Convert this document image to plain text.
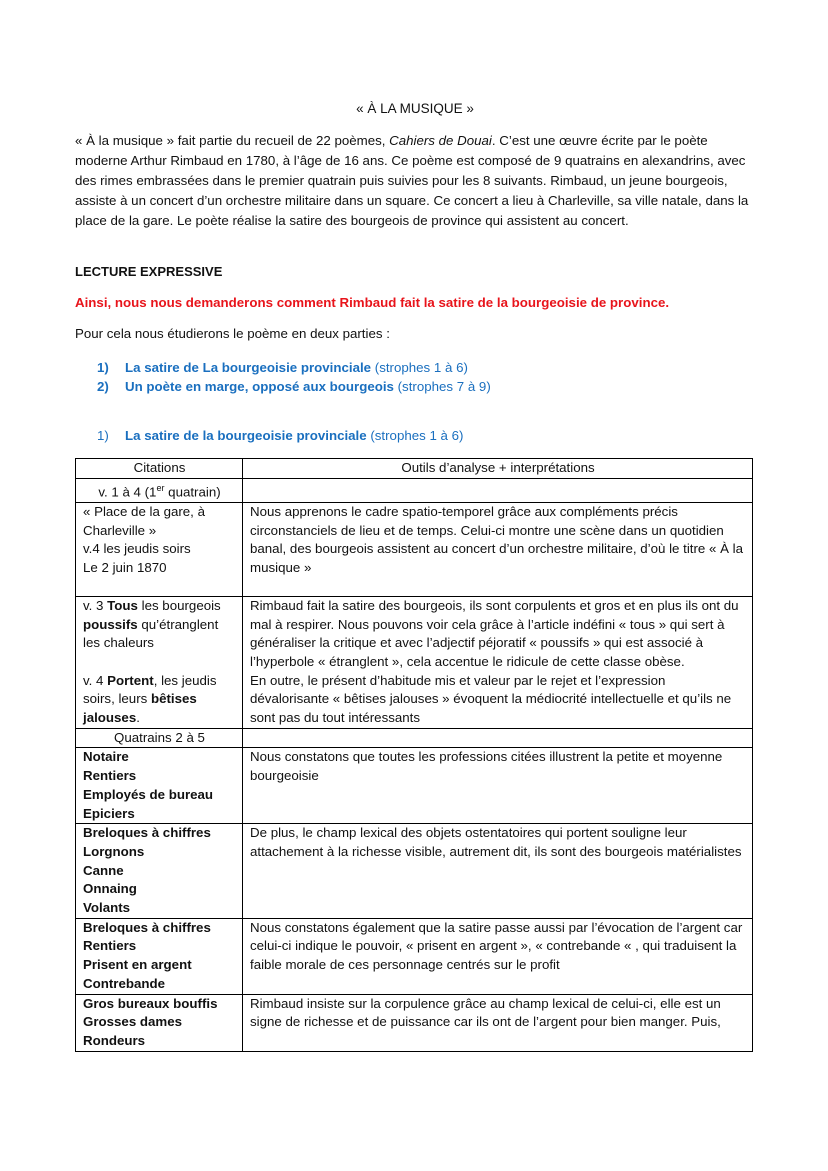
« À LA MUSIQUE »

« À la musique » fait partie du recueil de 22 poèmes, Cahiers de Douai. C’est une œuvre écrite par le poète moderne Arthur Rimbaud en 1780, à l’âge de 16 ans. Ce poème est composé de 9 quatrains en alexandrins, avec des rimes embrassées dans le premier quatrain puis suivies pour les 8 suivants. Rimbaud, un jeune bourgeois, assiste à un concert d’un orchestre militaire dans un square. Ce concert a lieu à Charleville, sa ville natale, dans la place de la gare. Le poète réalise la satire des bourgeois de province qui assistent au concert.

LECTURE EXPRESSIVE
Ainsi, nous nous demanderons comment Rimbaud fait la satire de la bourgeoisie de province.
Pour cela nous étudierons le poème en deux parties :
1) La satire de La bourgeoisie provinciale (strophes 1 à 6)
2) Un poète en marge, opposé aux bourgeois (strophes 7 à 9)
1) La satire de la bourgeoisie provinciale (strophes 1 à 6)
Citations	Outils d’analyse + interprétations
v. 1 à 4 (1er quatrain)	

« Place de la gare, à Charleville »
v.4 les jeudis soirs
Le 2 juin 1870
	Nous apprenons le cadre spatio-temporel grâce aux compléments précis circonstanciels de lieu et de temps. Celui-ci montre une scène dans un quotidien banal, des bourgeois assistent au concert d’un orchestre militaire, d’où le titre « À la musique »

v. 3 Tous les bourgeois poussifs qu’étranglent les chaleurs
v. 4 Portent, les jeudis soirs, leurs bêtises jalouses.	Rimbaud fait la satire des bourgeois, ils sont corpulents et gros et en plus ils ont du mal à respirer. Nous pouvons voir cela grâce à l’article indéfini « tous » qui sert à généraliser la critique et avec l’adjectif péjoratif « poussifs » qui est associé à l’hyperbole « étranglent », cela accentue le ridicule de cette classe obèse.
En outre, le présent d’habitude mis et valeur par le rejet et l’expression dévalorisante « bêtises jalouses » évoquent la médiocrité intellectuelle et qu’ils ne sont pas du tout intéressants

Quatrains 2 à 5	

Notaire
Rentiers
Employés de bureau
Epiciers	Nous constatons que toutes les professions citées illustrent la petite et moyenne bourgeoisie

Breloques à chiffres
Lorgnons
Canne
Onnaing
Volants	De plus, le champ lexical des objets ostentatoires qui portent souligne leur attachement à la richesse visible, autrement dit, ils sont des bourgeois matérialistes

Breloques à chiffres
Rentiers
Prisent en argent
Contrebande
	Nous constatons également que la satire passe aussi par l’évocation de l’argent car celui-ci indique le pouvoir, « prisent en argent », « contrebande « , qui traduisent la faible morale de ces personnage centrés sur le profit

Gros bureaux bouffis
Grosses dames
Rondeurs	Rimbaud insiste sur la corpulence grâce au champ lexical de celui-ci, elle est un signe de richesse et de puissance car ils ont de l’argent pour bien manger. Puis,
